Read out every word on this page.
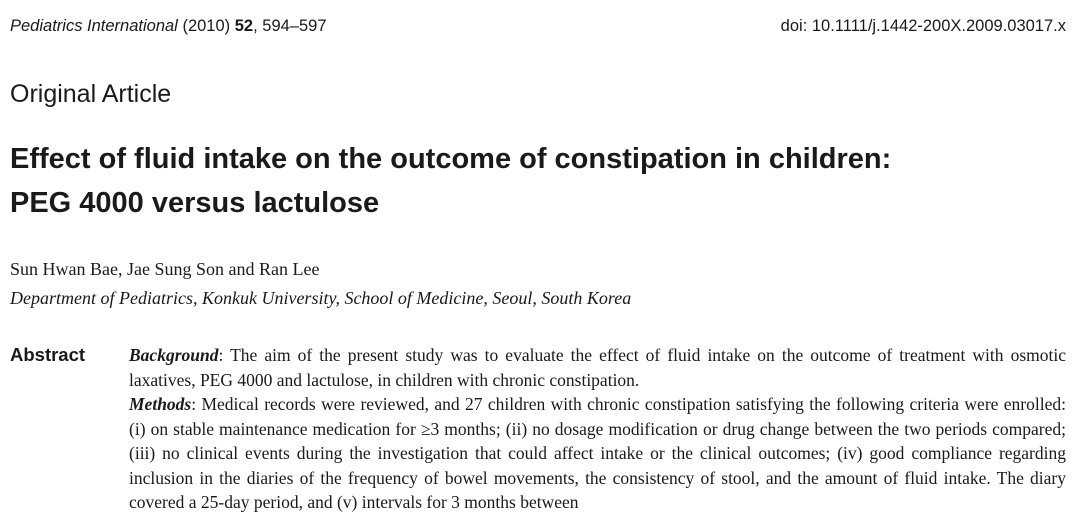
Pediatrics International (2010) 52, 594–597	doi: 10.1111/j.1442-200X.2009.03017.x
Original Article
Effect of fluid intake on the outcome of constipation in children:
PEG 4000 versus lactulose
Sun Hwan Bae, Jae Sung Son and Ran Lee
Department of Pediatrics, Konkuk University, School of Medicine, Seoul, South Korea
Abstract	Background: The aim of the present study was to evaluate the effect of fluid intake on the outcome of treatment with osmotic laxatives, PEG 4000 and lactulose, in children with chronic constipation.

Methods: Medical records were reviewed, and 27 children with chronic constipation satisfying the following criteria were enrolled: (i) on stable maintenance medication for ≥3 months; (ii) no dosage modification or drug change between the two periods compared; (iii) no clinical events during the investigation that could affect intake or the clinical outcomes; (iv) good compliance regarding inclusion in the diaries of the frequency of bowel movements, the consistency of stool, and the amount of fluid intake. The diary covered a 25-day period, and (v) intervals for 3 months between
